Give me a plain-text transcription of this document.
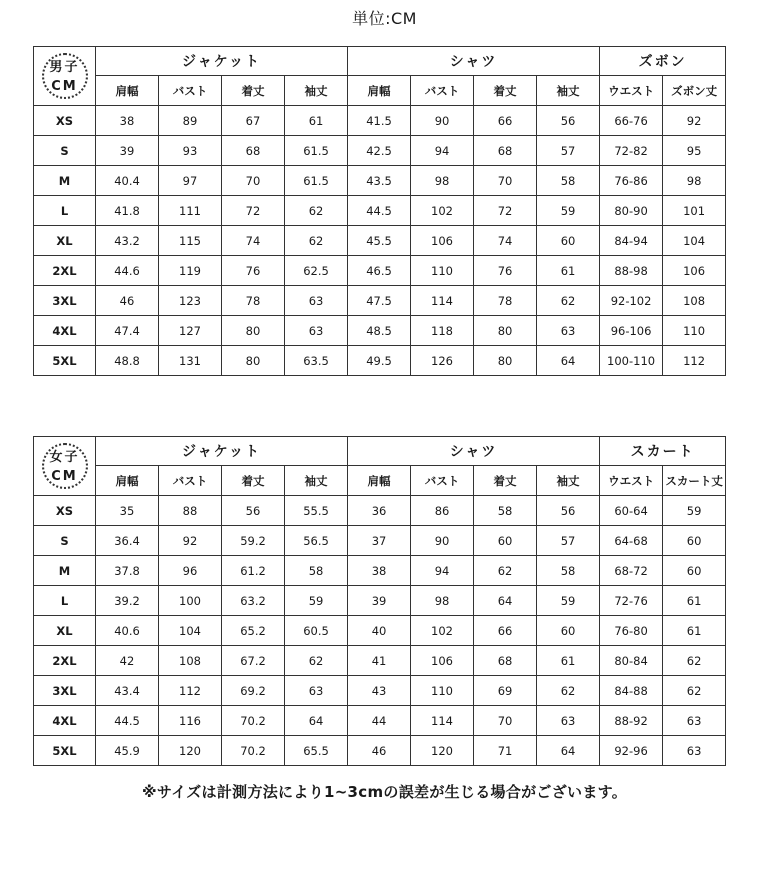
単位:CM
男子
CM	ジャケット				シャツ				ズボン	
	肩幅	バスト	着丈	袖丈	肩幅	バスト	着丈	袖丈	ウエスト	ズボン丈
XS	38	89	67	61	41.5	90	66	56	66-76	92
S	39	93	68	61.5	42.5	94	68	57	72-82	95
M	40.4	97	70	61.5	43.5	98	70	58	76-86	98
L	41.8	111	72	62	44.5	102	72	59	80-90	101
XL	43.2	115	74	62	45.5	106	74	60	84-94	104
2XL	44.6	119	76	62.5	46.5	110	76	61	88-98	106
3XL	46	123	78	63	47.5	114	78	62	92-102	108
4XL	47.4	127	80	63	48.5	118	80	63	96-106	110
5XL	48.8	131	80	63.5	49.5	126	80	64	100-110	112
女子
CM	ジャケット				シャツ				スカート	
	肩幅	バスト	着丈	袖丈	肩幅	バスト	着丈	袖丈	ウエスト	スカート丈
XS	35	88	56	55.5	36	86	58	56	60-64	59
S	36.4	92	59.2	56.5	37	90	60	57	64-68	60
M	37.8	96	61.2	58	38	94	62	58	68-72	60
L	39.2	100	63.2	59	39	98	64	59	72-76	61
XL	40.6	104	65.2	60.5	40	102	66	60	76-80	61
2XL	42	108	67.2	62	41	106	68	61	80-84	62
3XL	43.4	112	69.2	63	43	110	69	62	84-88	62
4XL	44.5	116	70.2	64	44	114	70	63	88-92	63
5XL	45.9	120	70.2	65.5	46	120	71	64	92-96	63
※サイズは計測方法により1~3cmの誤差が生じる場合がございます。
